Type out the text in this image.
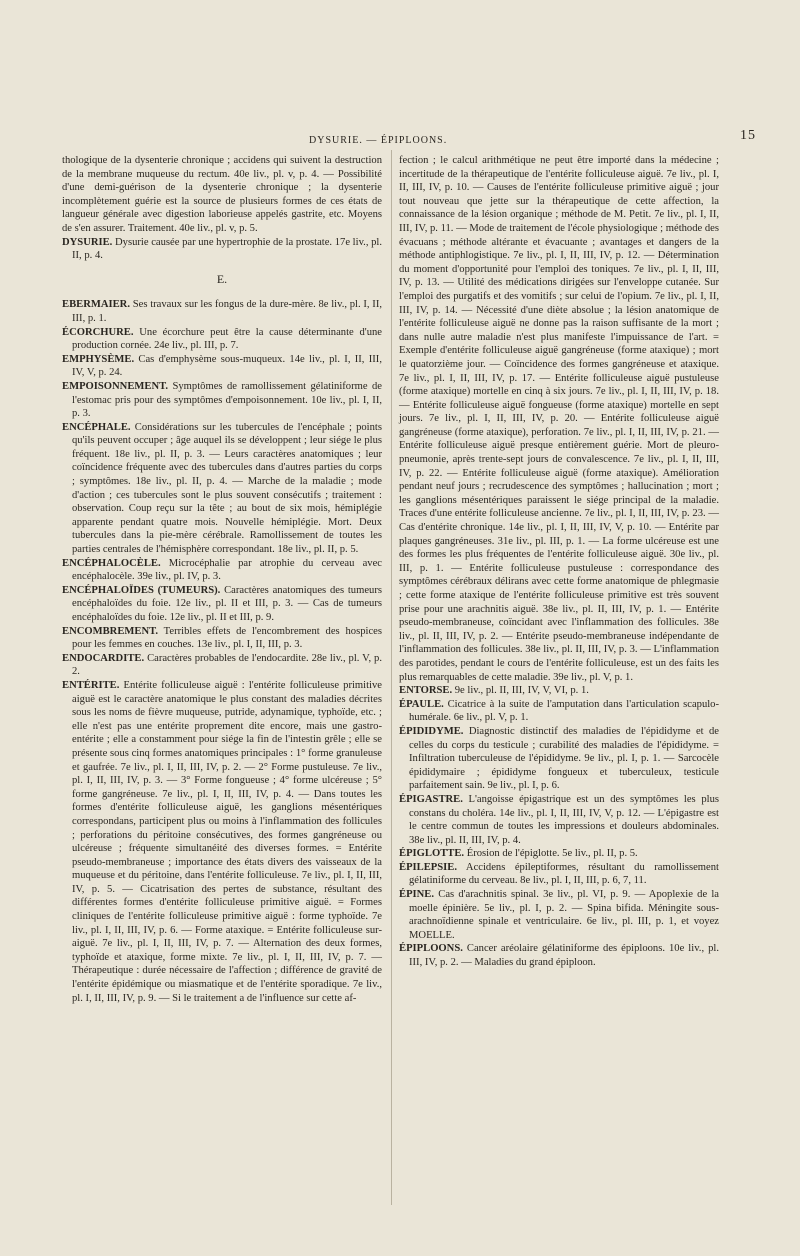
DYSURIE. — ÉPIPLOONS.	15

thologique de la dysenterie chronique ; accidens qui suivent la destruction de la membrane muqueuse du rectum. 40e liv., pl. v, p. 4. — Possibilité d'une demi-guérison de la dysenterie chronique ; la dysenterie incomplètement guérie est la source de plusieurs formes de ces états de langueur générale avec digestion laborieuse appelés gastrite, etc. Moyens de s'en assurer. Traitement. 40e liv., pl. v, p. 5.

DYSURIE. Dysurie causée par une hypertrophie de la prostate. 17e liv., pl. II, p. 4.

E.

EBERMAIER. Ses travaux sur les fongus de la dure-mère. 8e liv., pl. I, II, III, p. 1.

ÉCORCHURE. Une écorchure peut être la cause déterminante d'une production cornée. 24e liv., pl. III, p. 7.

EMPHYSÈME. Cas d'emphysème sous-muqueux. 14e liv., pl. I, II, III, IV, V, p. 24.

EMPOISONNEMENT. Symptômes de ramollissement gélatiniforme de l'estomac pris pour des symptômes d'empoisonnement. 10e liv., pl. I, II, p. 3.

ENCÉPHALE. Considérations sur les tubercules de l'encéphale ; points qu'ils peuvent occuper ; âge auquel ils se développent ; leur siége le plus fréquent. 18e liv., pl. II, p. 3. — Leurs caractères anatomiques ; leur coïncidence fréquente avec des tubercules dans d'autres parties du corps ; symptômes. 18e liv., pl. II, p. 4. — Marche de la maladie ; mode d'action ; ces tubercules sont le plus souvent consécutifs ; traitement : observation. Coup reçu sur la tête ; au bout de six mois, hémiplégie apparente pendant quatre mois. Nouvelle hémiplégie. Mort. Deux tubercules dans la pie-mère cérébrale. Ramollissement de toutes les parties centrales de l'hémisphère correspondant. 18e liv., pl. II, p. 5.

ENCÉPHALOCÈLE. Microcéphalie par atrophie du cerveau avec encéphalocèle. 39e liv., pl. IV, p. 3.

ENCÉPHALOÏDES (TUMEURS). Caractères anatomiques des tumeurs encéphaloïdes du foie. 12e liv., pl. II et III, p. 3. — Cas de tumeurs encéphaloïdes du foie. 12e liv., pl. II et III, p. 9.

ENCOMBREMENT. Terribles effets de l'encombrement des hospices pour les femmes en couches. 13e liv., pl. I, II, III, p. 3.

ENDOCARDITE. Caractères probables de l'endocardite. 28e liv., pl. V, p. 2.

ENTÉRITE. Entérite folliculeuse aiguë : l'entérite folliculeuse primitive aiguë est le caractère anatomique le plus constant des maladies décrites sous les noms de fièvre muqueuse, putride, adynamique, typhoïde, etc. ; elle n'est pas une entérite proprement dite encore, mais une gastro-entérite ; elle a constamment pour siége la fin de l'intestin grêle ; elle se présente sous cinq formes anatomiques principales : 1° forme granuleuse et gaufrée. 7e liv., pl. I, II, III, IV, p. 2. — 2° Forme pustuleuse. 7e liv., pl. I, II, III, IV, p. 3. — 3° Forme fongueuse ; 4° forme ulcéreuse ; 5° forme gangréneuse. 7e liv., pl. I, II, III, IV, p. 4. — Dans toutes les formes d'entérite folliculeuse aiguë, les ganglions mésentériques correspondans, participent plus ou moins à l'inflammation des follicules ; perforations du péritoine consécutives, des formes gangréneuse ou ulcéreuse ; fréquente simultanéité des diverses formes. = Entérite pseudo-membraneuse ; importance des états divers des vaisseaux de la muqueuse et du péritoine, dans l'entérite folliculeuse. 7e liv., pl. I, II, III, IV, p. 5. — Cicatrisation des pertes de substance, résultant des différentes formes d'entérite folliculeuse primitive aiguë. = Formes cliniques de l'entérite folliculeuse primitive aiguë : forme typhoïde. 7e liv., pl. I, II, III, IV, p. 6. — Forme ataxique. = Entérite folliculeuse sur-aiguë. 7e liv., pl. I, II, III, IV, p. 7. — Alternation des deux formes, typhoïde et ataxique, forme mixte. 7e liv., pl. I, II, III, IV, p. 7. — Thérapeutique : durée nécessaire de l'affection ; différence de gravité de l'entérite épidémique ou miasmatique et de l'entérite sporadique. 7e liv., pl. I, II, III, IV, p. 9. — Si le traitement a de l'influence sur cette af-

fection ; le calcul arithmétique ne peut être importé dans la médecine ; incertitude de la thérapeutique de l'entérite folliculeuse aiguë. 7e liv., pl. I, II, III, IV, p. 10. — Causes de l'entérite folliculeuse primitive aiguë ; jour tout nouveau que jette sur la thérapeutique de cette affection, la connaissance de la lésion organique ; méthode de M. Petit. 7e liv., pl. I, II, III, IV, p. 11. — Mode de traitement de l'école physiologique ; méthode des évacuans ; méthode altérante et évacuante ; avantages et dangers de la méthode antiphlogistique. 7e liv., pl. I, II, III, IV, p. 12. — Détermination du moment d'opportunité pour l'emploi des toniques. 7e liv., pl. I, II, III, IV, p. 13. — Utilité des médications dirigées sur l'enveloppe cutanée. Sur l'emploi des purgatifs et des vomitifs ; sur celui de l'opium. 7e liv., pl. I, II, III, IV, p. 14. — Nécessité d'une diète absolue ; la lésion anatomique de l'entérite folliculeuse aiguë ne donne pas la raison suffisante de la mort ; dans nulle autre maladie n'est plus manifeste l'impuissance de l'art. = Exemple d'entérite folliculeuse aiguë gangréneuse (forme ataxique) ; mort le quatorzième jour. — Coïncidence des formes gangréneuse et ataxique. 7e liv., pl. I, II, III, IV, p. 17. — Entérite folliculeuse aiguë pustuleuse (forme ataxique) mortelle en cinq à six jours. 7e liv., pl. I, II, III, IV, p. 18. — Entérite folliculeuse aiguë fongueuse (forme ataxique) mortelle en sept jours. 7e liv., pl. I, II, III, IV, p. 20. — Entérite folliculeuse aiguë gangréneuse (forme ataxique), perforation. 7e liv., pl. I, II, III, IV, p. 21. — Entérite folliculeuse aiguë presque entièrement guérie. Mort de pleuro-pneumonie, après trente-sept jours de convalescence. 7e liv., pl. I, II, III, IV, p. 22. — Entérite folliculeuse aiguë (forme ataxique). Amélioration pendant neuf jours ; recrudescence des symptômes ; hallucination ; mort ; les ganglions mésentériques paraissent le siége principal de la maladie. Traces d'une entérite folliculeuse ancienne. 7e liv., pl. I, II, III, IV, p. 23. — Cas d'entérite chronique. 14e liv., pl. I, II, III, IV, V, p. 10. — Entérite par plaques gangréneuses. 31e liv., pl. III, p. 1. — La forme ulcéreuse est une des formes les plus fréquentes de l'entérite folliculeuse aiguë. 30e liv., pl. III, p. 1. — Entérite folliculeuse pustuleuse : correspondance des symptômes cérébraux délirans avec cette forme anatomique de phlegmasie ; cette forme ataxique de l'entérite folliculeuse primitive est très souvent prise pour une arachnitis aiguë. 38e liv., pl. II, III, IV, p. 1. — Entérite pseudo-membraneuse, coïncidant avec l'inflammation des follicules. 38e liv., pl. II, III, IV, p. 2. — Entérite pseudo-membraneuse indépendante de l'inflammation des follicules. 38e liv., pl. II, III, IV, p. 3. — L'inflammation des parotides, pendant le cours de l'entérite folliculeuse, est un des faits les plus remarquables de cette maladie. 39e liv., pl. V, p. 1.

ENTORSE. 9e liv., pl. II, III, IV, V, VI, p. 1.

ÉPAULE. Cicatrice à la suite de l'amputation dans l'articulation scapulo-humérale. 6e liv., pl. V, p. 1.

ÉPIDIDYME. Diagnostic distinctif des maladies de l'épididyme et de celles du corps du testicule ; curabilité des maladies de l'épididyme. = Infiltration tuberculeuse de l'épididyme. 9e liv., pl. I, p. 1. — Sarcocèle épididymaire ; épididyme fongueux et tuberculeux, testicule parfaitement sain. 9e liv., pl. I, p. 6.

ÉPIGASTRE. L'angoisse épigastrique est un des symptômes les plus constans du choléra. 14e liv., pl. I, II, III, IV, V, p. 12. — L'épigastre est le centre commun de toutes les impressions et douleurs abdominales. 38e liv., pl. II, III, IV, p. 4.

ÉPIGLOTTE. Érosion de l'épiglotte. 5e liv., pl. II, p. 5.

ÉPILEPSIE. Accidens épileptiformes, résultant du ramollissement gélatiniforme du cerveau. 8e liv., pl. I, II, III, p. 6, 7, 11.

ÉPINE. Cas d'arachnitis spinal. 3e liv., pl. VI, p. 9. — Apoplexie de la moelle épinière. 5e liv., pl. I, p. 2. — Spina bifida. Méningite sous-arachnoïdienne spinale et ventriculaire. 6e liv., pl. III, p. 1, et voyez MOELLE.

ÉPIPLOONS. Cancer aréolaire gélatiniforme des épiploons. 10e liv., pl. III, IV, p. 2. — Maladies du grand épiploon.
